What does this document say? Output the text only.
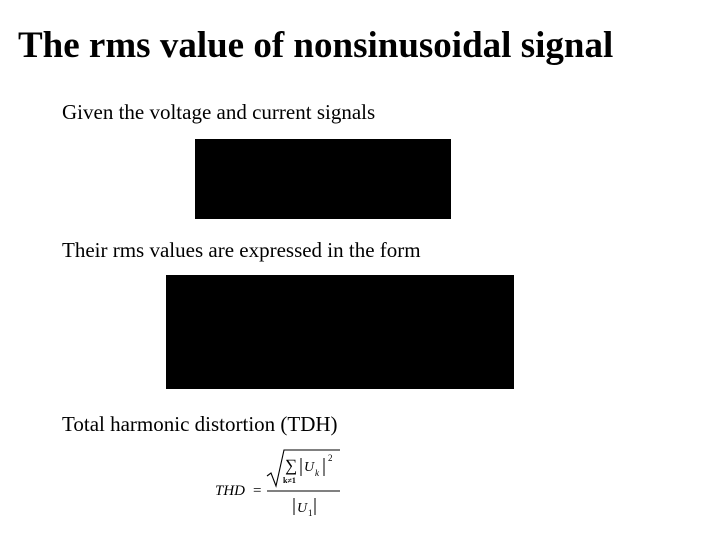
The rms value of nonsinusoidal signal
Given the voltage and current signals
Their rms values are expressed in the form
Total harmonic distortion (TDH)
THD =
∑
k≠1
U k
2
U 1
